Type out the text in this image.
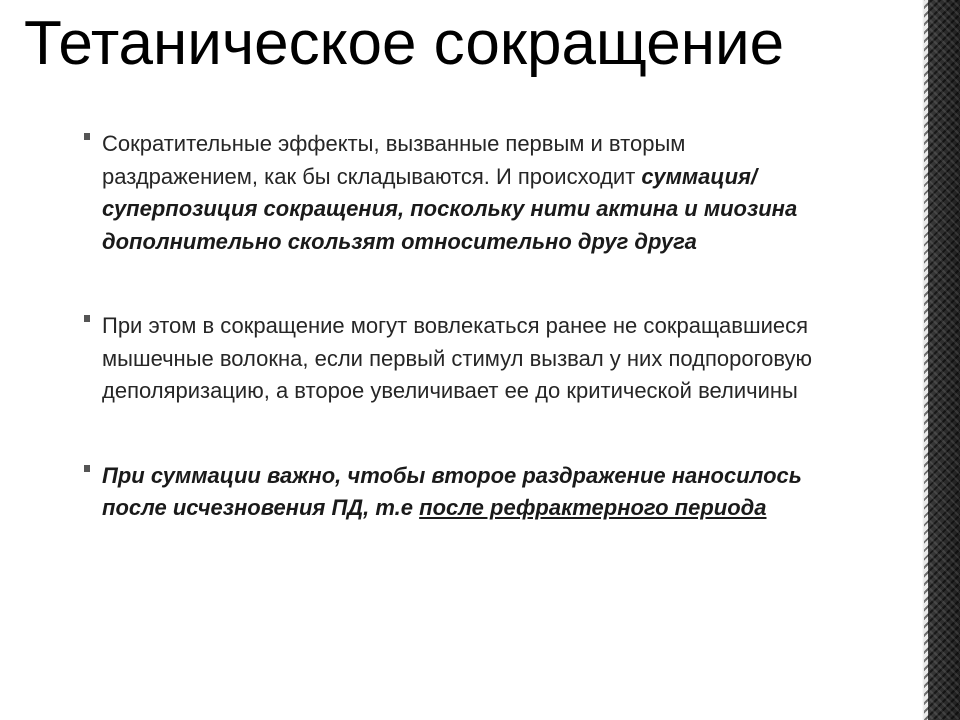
Тетаническое сокращение

Сократительные эффекты, вызванные первым и вторым раздражением, как бы складываются. И происходит суммация/суперпозиция сокращения, поскольку нити актина и миозина дополнительно скользят относительно друг друга

При этом в сокращение могут вовлекаться ранее не сокращавшиеся мышечные волокна, если первый стимул вызвал у них подпороговую деполяризацию, а второе увеличивает ее до критической величины

При суммации важно, чтобы второе раздражение наносилось после исчезновения ПД, т.е после рефрактерного периода
